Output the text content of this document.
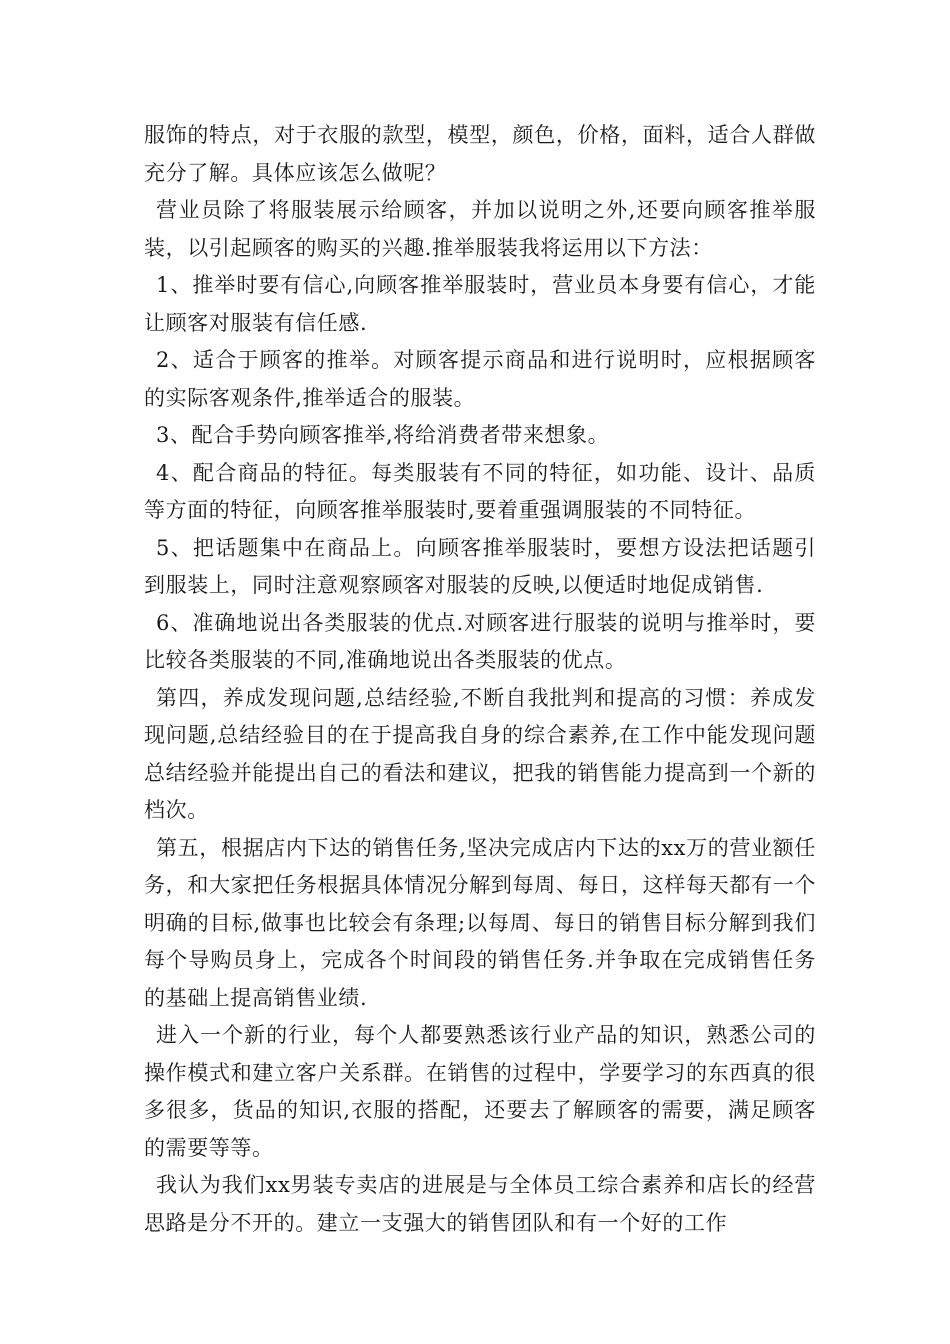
服饰的特点，对于衣服的款型，模型，颜色，价格，面料，适合人群做充分了解。具体应该怎么做呢？

营业员除了将服装展示给顾客，并加以说明之外,还要向顾客推举服装，以引起顾客的购买的兴趣.推举服装我将运用以下方法：

1、推举时要有信心,向顾客推举服装时，营业员本身要有信心，才能让顾客对服装有信任感.

2、适合于顾客的推举。对顾客提示商品和进行说明时，应根据顾客的实际客观条件,推举适合的服装。

3、配合手势向顾客推举,将给消费者带来想象。

4、配合商品的特征。每类服装有不同的特征，如功能、设计、品质等方面的特征，向顾客推举服装时,要着重强调服装的不同特征。

5、把话题集中在商品上。向顾客推举服装时，要想方设法把话题引到服装上，同时注意观察顾客对服装的反映,以便适时地促成销售.

6、准确地说出各类服装的优点.对顾客进行服装的说明与推举时，要比较各类服装的不同,准确地说出各类服装的优点。

第四，养成发现问题,总结经验,不断自我批判和提高的习惯：养成发现问题,总结经验目的在于提高我自身的综合素养,在工作中能发现问题总结经验并能提出自己的看法和建议，把我的销售能力提高到一个新的档次。

第五，根据店内下达的销售任务,坚决完成店内下达的xx万的营业额任务，和大家把任务根据具体情况分解到每周、每日，这样每天都有一个明确的目标,做事也比较会有条理;以每周、每日的销售目标分解到我们每个导购员身上，完成各个时间段的销售任务.并争取在完成销售任务的基础上提高销售业绩.

进入一个新的行业，每个人都要熟悉该行业产品的知识，熟悉公司的操作模式和建立客户关系群。在销售的过程中，学要学习的东西真的很多很多，货品的知识,衣服的搭配，还要去了解顾客的需要，满足顾客的需要等等。

我认为我们xx男装专卖店的进展是与全体员工综合素养和店长的经营思路是分不开的。建立一支强大的销售团队和有一个好的工作
